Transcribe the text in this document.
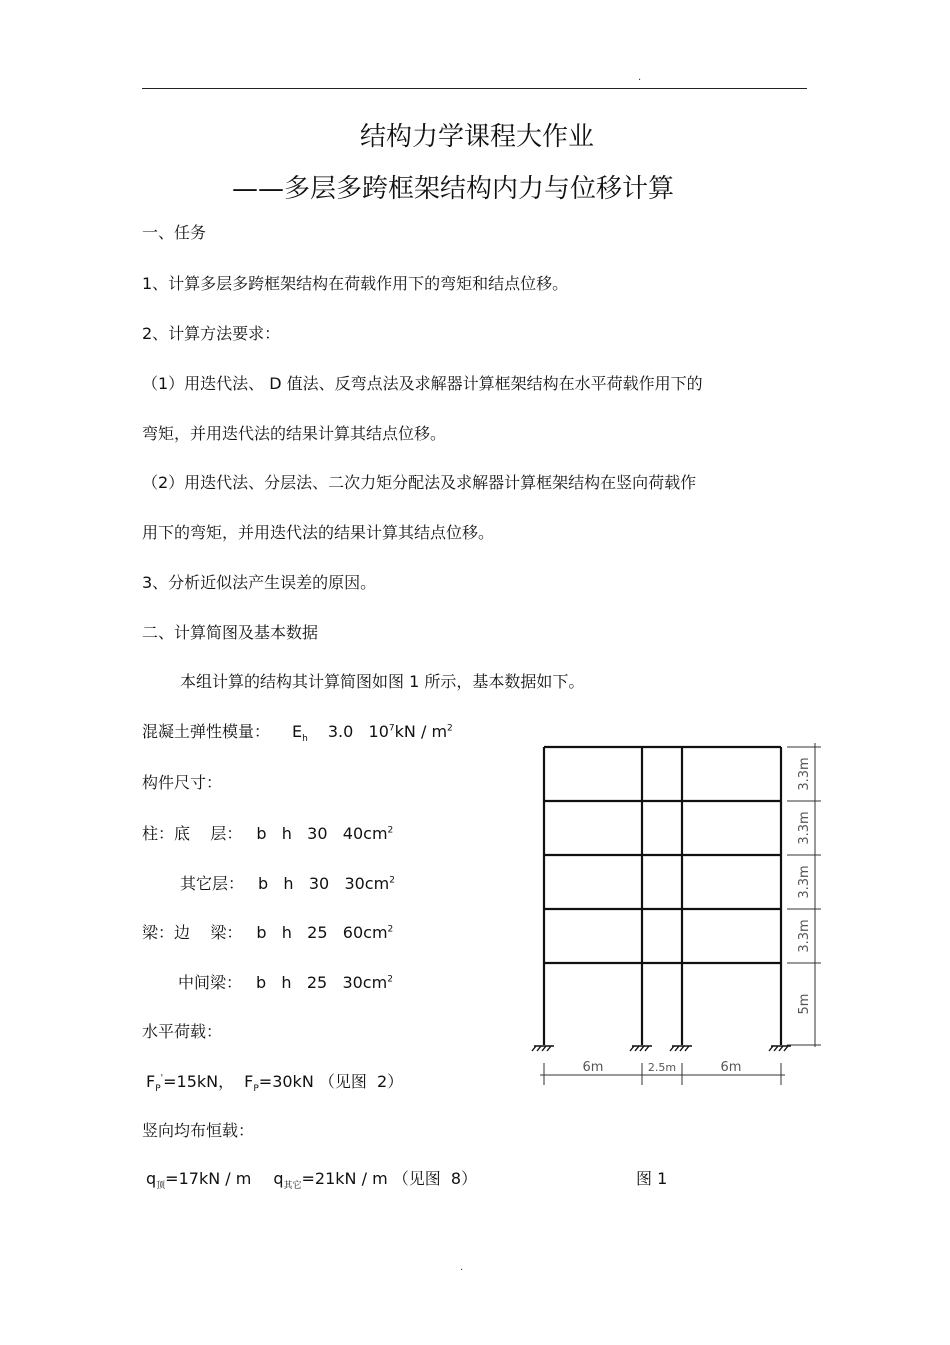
.
结构力学课程大作业
——多层多跨框架结构内力与位移计算
一、任务
1、计算多层多跨框架结构在荷载作用下的弯矩和结点位移。
2、计算方法要求：
（1）用迭代法、 D 值法、反弯点法及求解器计算框架结构在水平荷载作用下的
弯矩，并用迭代法的结果计算其结点位移。
（2）用迭代法、分层法、二次力矩分配法及求解器计算框架结构在竖向荷载作
用下的弯矩，并用迭代法的结果计算其结点位移。
3、分析近似法产生误差的原因。
二、计算简图及基本数据
本组计算的结构其计算简图如图 1 所示，基本数据如下。
混凝土弹性模量： $E_h$ 3.0   $10^7kN / m^2$
构件尺寸：
柱：底    层： b   h   30   $40cm^2$
其它层： b   h   30   $30cm^2$
梁：边    梁： b   h   25   $60cm^2$
中间梁： b   h   25   $30cm^2$
水平荷载：
$F_P'=15kN$， $F_P=30kN$ （见图  2）
竖向均布恒载：
$q_顶=17kN / m$ $q_{其它}=21kN / m$ （见图  8）	图 1
3.3m
3.3m
3.3m
3.3m
5m
6m	2.5m	6m
.
